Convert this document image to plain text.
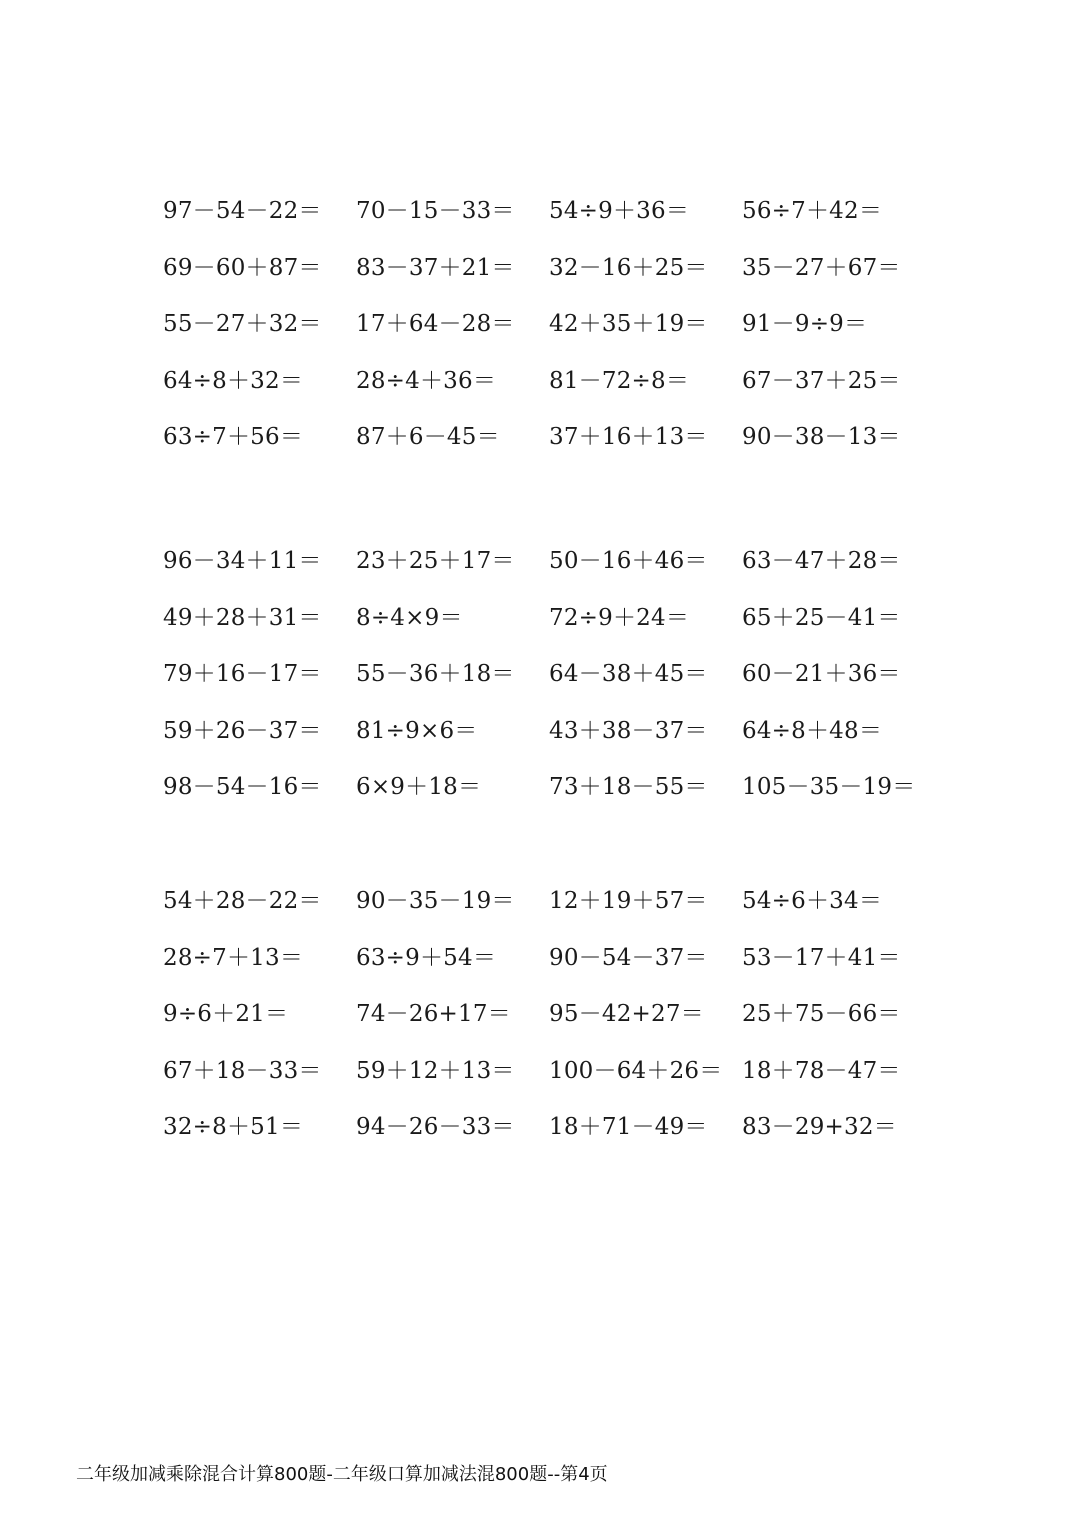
97－54－22＝	70－15－33＝	54÷9＋36＝	56÷7＋42＝
69－60＋87＝	83－37＋21＝	32－16＋25＝	35－27＋67＝
55－27＋32＝	17＋64－28＝	42＋35＋19＝	91－9÷9＝
64÷8＋32＝	28÷4＋36＝	81－72÷8＝	67－37＋25＝
63÷7＋56＝	87＋6－45＝	37＋16＋13＝	90－38－13＝
96－34＋11＝	23＋25＋17＝	50－16＋46＝	63－47＋28＝
49＋28＋31＝	8÷4×9＝	72÷9＋24＝	65＋25－41＝
79＋16－17＝	55－36＋18＝	64－38＋45＝	60－21＋36＝
59＋26－37＝	81÷9×6＝	43＋38－37＝	64÷8＋48＝
98－54－16＝	6×9＋18＝	73＋18－55＝	105－35－19＝
54＋28－22＝	90－35－19＝	12＋19＋57＝	54÷6＋34＝
28÷7＋13＝	63÷9＋54＝	90－54－37＝	53－17＋41＝
9÷6＋21＝	74－26+17＝	95－42+27＝	25＋75－66＝
67＋18－33＝	59＋12＋13＝	100－64＋26＝ 18＋78－47＝
32÷8＋51＝	94－26－33＝	18＋71－49＝	83－29+32＝
二年级加减乘除混合计算800题-二年级口算加减法混800题--第4页
